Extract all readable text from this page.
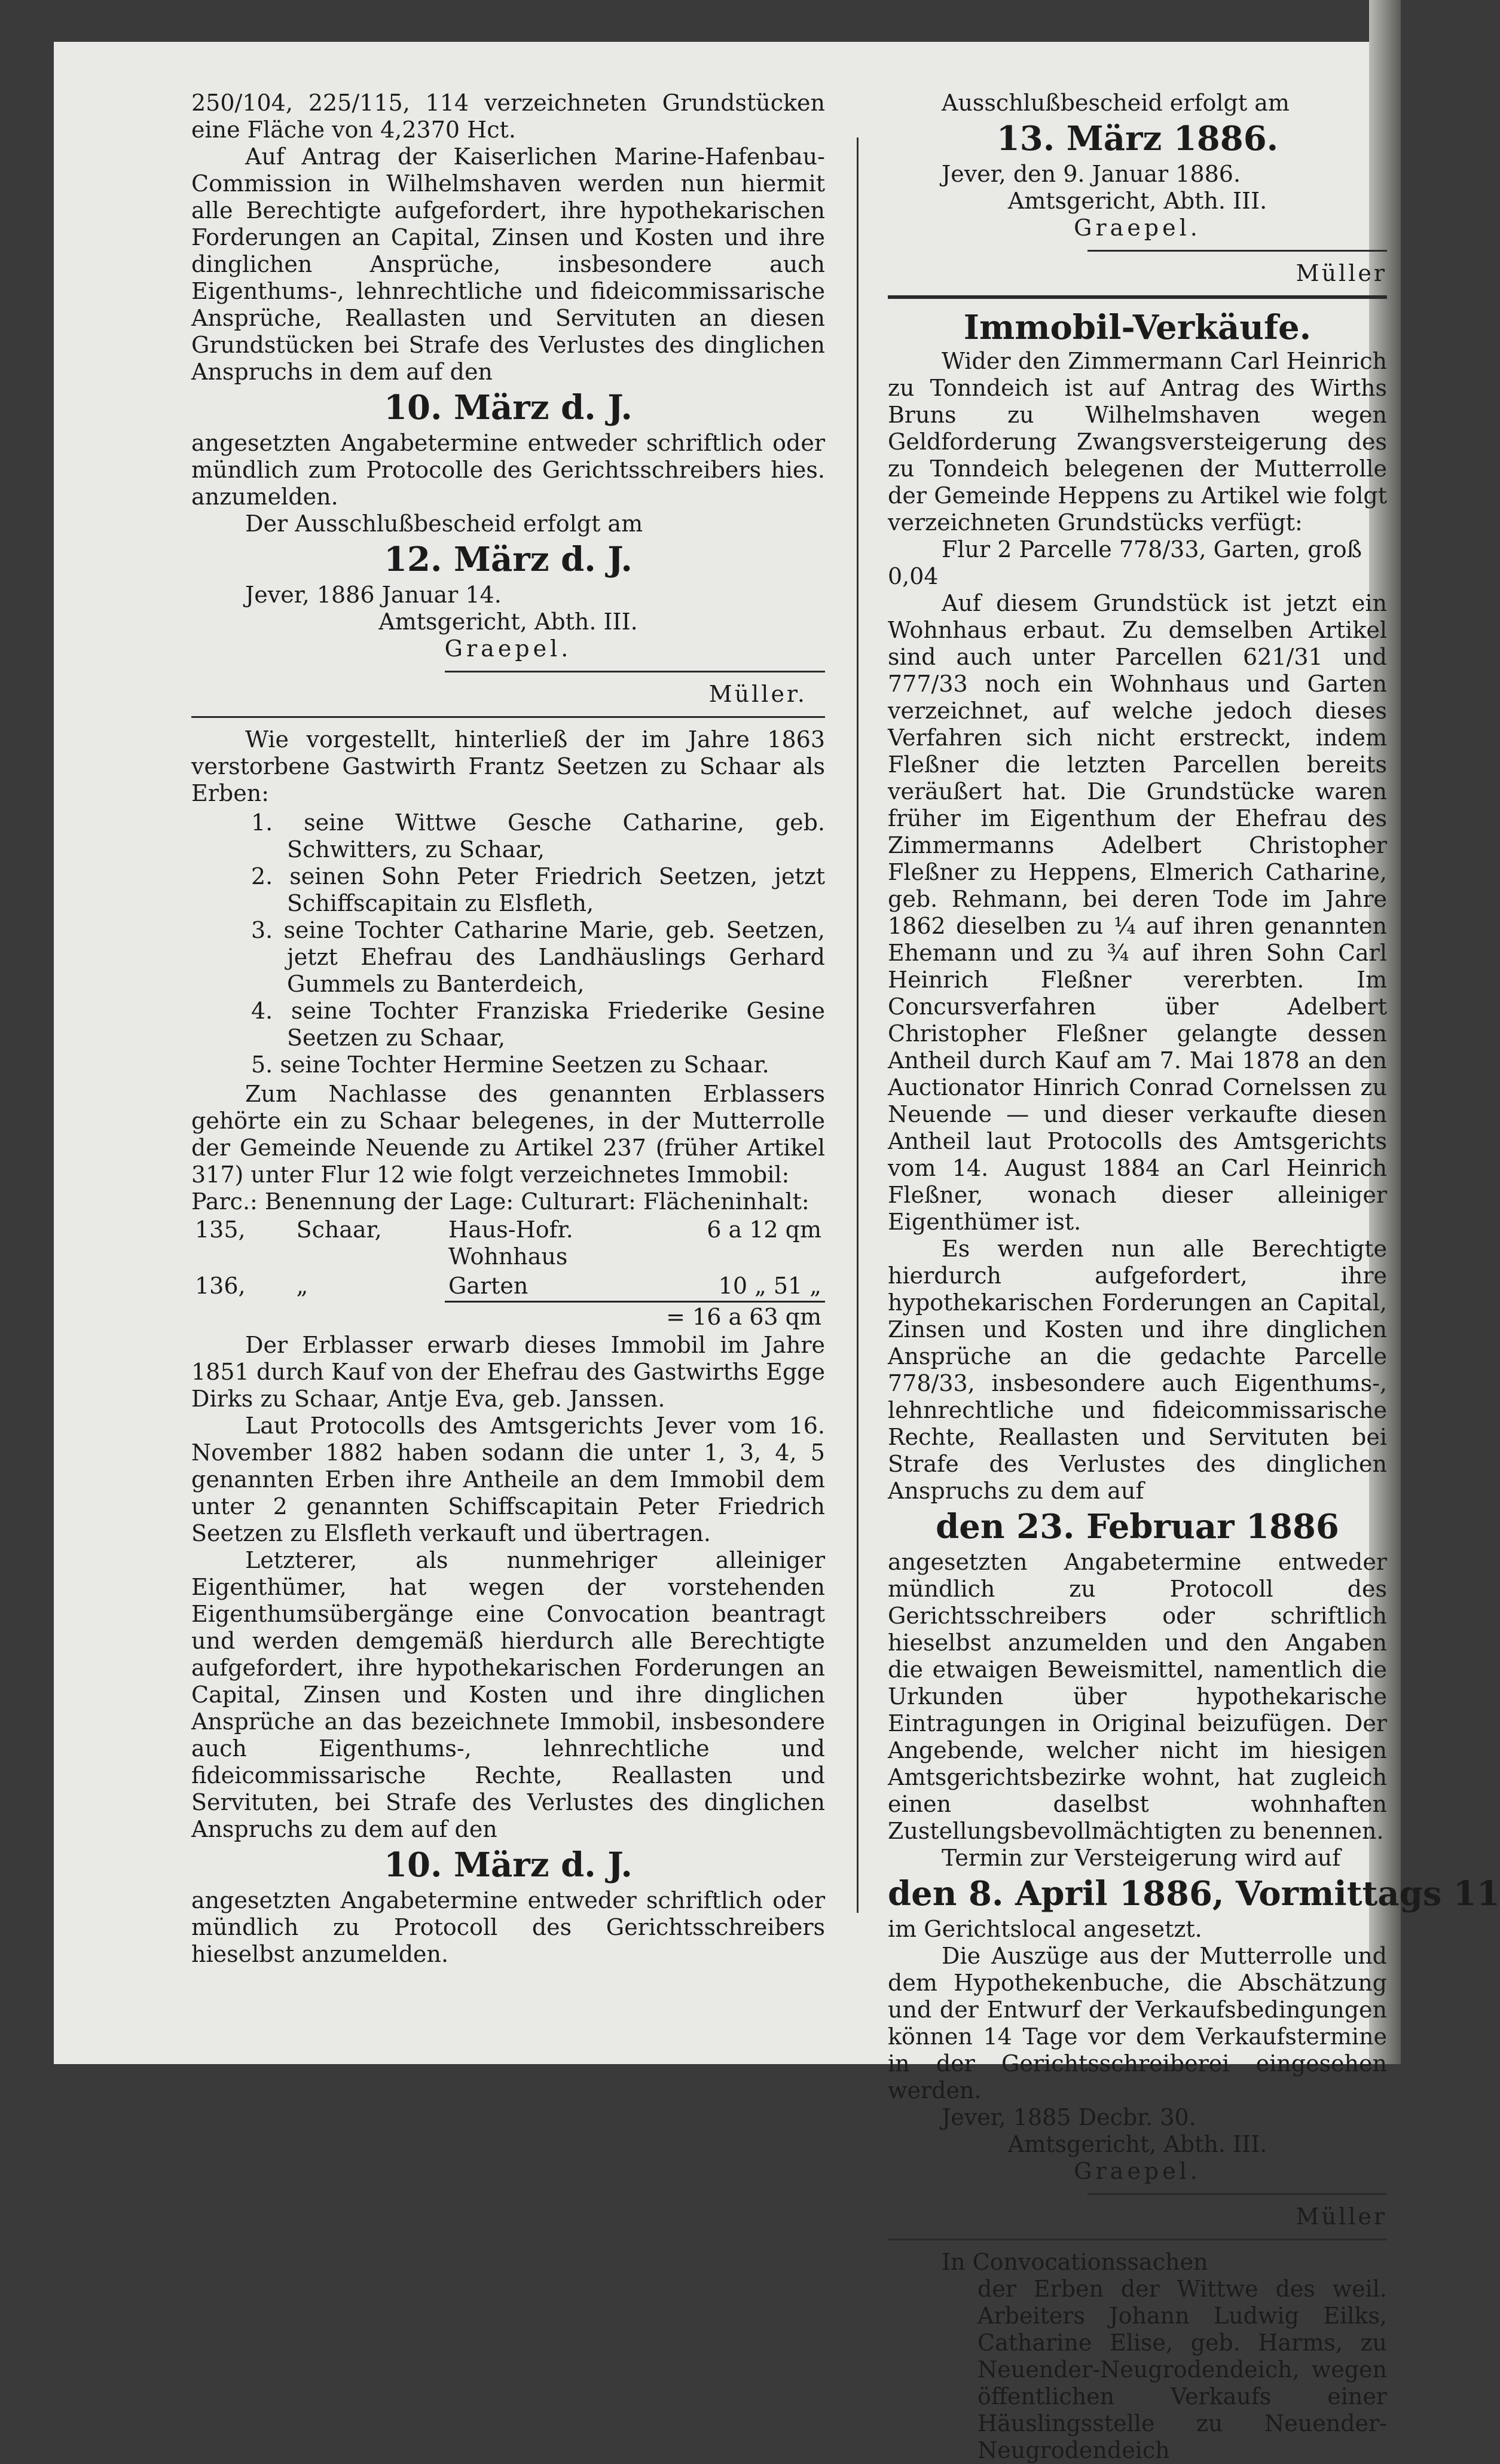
250/104, 225/115, 114 verzeichneten Grundstücken eine Fläche von 4,2370 Hct.

Auf Antrag der Kaiserlichen Marine-Hafenbau-Commission in Wilhelmshaven werden nun hiermit alle Berechtigte aufgefordert, ihre hypothekarischen Forderungen an Capital, Zinsen und Kosten und ihre dinglichen Ansprüche, insbesondere auch Eigenthums-, lehnrechtliche und fideicommissarische Ansprüche, Reallasten und Servituten an diesen Grundstücken bei Strafe des Verlustes des dinglichen Anspruchs in dem auf den

10. März d. J.

angesetzten Angabetermine entweder schriftlich oder mündlich zum Protocolle des Gerichtsschreibers hies. anzumelden.

Der Ausschlußbescheid erfolgt am

12. März d. J.

Jever, 1886 Januar 14.

Amtsgericht, Abth. III.

Graepel.

Müller.

Wie vorgestellt, hinterließ der im Jahre 1863 verstorbene Gastwirth Frantz Seetzen zu Schaar als Erben:

1. seine Wittwe Gesche Catharine, geb. Schwitters, zu Schaar,
2. seinen Sohn Peter Friedrich Seetzen, jetzt Schiffscapitain zu Elsfleth,
3. seine Tochter Catharine Marie, geb. Seetzen, jetzt Ehefrau des Landhäuslings Gerhard Gummels zu Banterdeich,
4. seine Tochter Franziska Friederike Gesine Seetzen zu Schaar,
5. seine Tochter Hermine Seetzen zu Schaar.

Zum Nachlasse des genannten Erblassers gehörte ein zu Schaar belegenes, in der Mutterrolle der Gemeinde Neuende zu Artikel 237 (früher Artikel 317) unter Flur 12 wie folgt verzeichnetes Immobil:

Parc.: Benennung der Lage: Culturart: Flächeninhalt:

135,	Schaar,	Haus-Hofr. Wohnhaus	6 a 12 qm
136,	„	Garten	10 „ 51 „
		= 16 a 63 qm	

Der Erblasser erwarb dieses Immobil im Jahre 1851 durch Kauf von der Ehefrau des Gastwirths Egge Dirks zu Schaar, Antje Eva, geb. Janssen.

Laut Protocolls des Amtsgerichts Jever vom 16. November 1882 haben sodann die unter 1, 3, 4, 5 genannten Erben ihre Antheile an dem Immobil dem unter 2 genannten Schiffscapitain Peter Friedrich Seetzen zu Elsfleth verkauft und übertragen.

Letzterer, als nunmehriger alleiniger Eigenthümer, hat wegen der vorstehenden Eigenthumsübergänge eine Convocation beantragt und werden demgemäß hierdurch alle Berechtigte aufgefordert, ihre hypothekarischen Forderungen an Capital, Zinsen und Kosten und ihre dinglichen Ansprüche an das bezeichnete Immobil, insbesondere auch Eigenthums-, lehnrechtliche und fideicommissarische Rechte, Reallasten und Servituten, bei Strafe des Verlustes des dinglichen Anspruchs zu dem auf den

10. März d. J.

angesetzten Angabetermine entweder schriftlich oder mündlich zu Protocoll des Gerichtsschreibers hieselbst anzumelden.

Ausschlußbescheid erfolgt am

13. März 1886.

Jever, den 9. Januar 1886.

Amtsgericht, Abth. III.

Graepel.

Müller

Immobil-Verkäufe.

Wider den Zimmermann Carl Heinrich zu Tonndeich ist auf Antrag des Wirths Bruns zu Wilhelmshaven wegen Geldforderung Zwangsversteigerung des zu Tonndeich belegenen der Mutterrolle der Gemeinde Heppens zu Artikel wie folgt verzeichneten Grundstücks verfügt:

Flur 2 Parcelle 778/33, Garten, groß 0,04

Auf diesem Grundstück ist jetzt ein Wohnhaus erbaut. Zu demselben Artikel sind auch unter Parcellen 621/31 und 777/33 noch ein Wohnhaus und Garten verzeichnet, auf welche jedoch dieses Verfahren sich nicht erstreckt, indem Fleßner die letzten Parcellen bereits veräußert hat. Die Grundstücke waren früher im Eigenthum der Ehefrau des Zimmermanns Adelbert Christopher Fleßner zu Heppens, Elmerich Catharine, geb. Rehmann, bei deren Tode im Jahre 1862 dieselben zu ¼ auf ihren genannten Ehemann und zu ¾ auf ihren Sohn Carl Heinrich Fleßner vererbten. Im Concursverfahren über Adelbert Christopher Fleßner gelangte dessen Antheil durch Kauf am 7. Mai 1878 an den Auctionator Hinrich Conrad Cornelssen zu Neuende — und dieser verkaufte diesen Antheil laut Protocolls des Amtsgerichts vom 14. August 1884 an Carl Heinrich Fleßner, wonach dieser alleiniger Eigenthümer ist.

Es werden nun alle Berechtigte hierdurch aufgefordert, ihre hypothekarischen Forderungen an Capital, Zinsen und Kosten und ihre dinglichen Ansprüche an die gedachte Parcelle 778/33, insbesondere auch Eigenthums-, lehnrechtliche und fideicommissarische Rechte, Reallasten und Servituten bei Strafe des Verlustes des dinglichen Anspruchs zu dem auf

den 23. Februar 1886

angesetzten Angabetermine entweder mündlich zu Protocoll des Gerichtsschreibers oder schriftlich hieselbst anzumelden und den Angaben die etwaigen Beweismittel, namentlich die Urkunden über hypothekarische Eintragungen in Original beizufügen. Der Angebende, welcher nicht im hiesigen Amtsgerichtsbezirke wohnt, hat zugleich einen daselbst wohnhaften Zustellungsbevollmächtigten zu benennen.

Termin zur Versteigerung wird auf

den 8. April 1886, Vormittags 11

im Gerichtslocal angesetzt.

Die Auszüge aus der Mutterrolle und dem Hypothekenbuche, die Abschätzung und der Entwurf der Verkaufsbedingungen können 14 Tage vor dem Verkaufstermine in der Gerichtsschreiberei eingesehen werden.

Jever, 1885 Decbr. 30.

Amtsgericht, Abth. III.

Graepel.

Müller

In Convocationssachen

der Erben der Wittwe des weil. Arbeiters Johann Ludwig Eilks, Catharine Elise, geb. Harms, zu Neuender-Neugrodendeich, wegen öffentlichen Verkaufs einer Häuslingsstelle zu Neuender-Neugrodendeich
